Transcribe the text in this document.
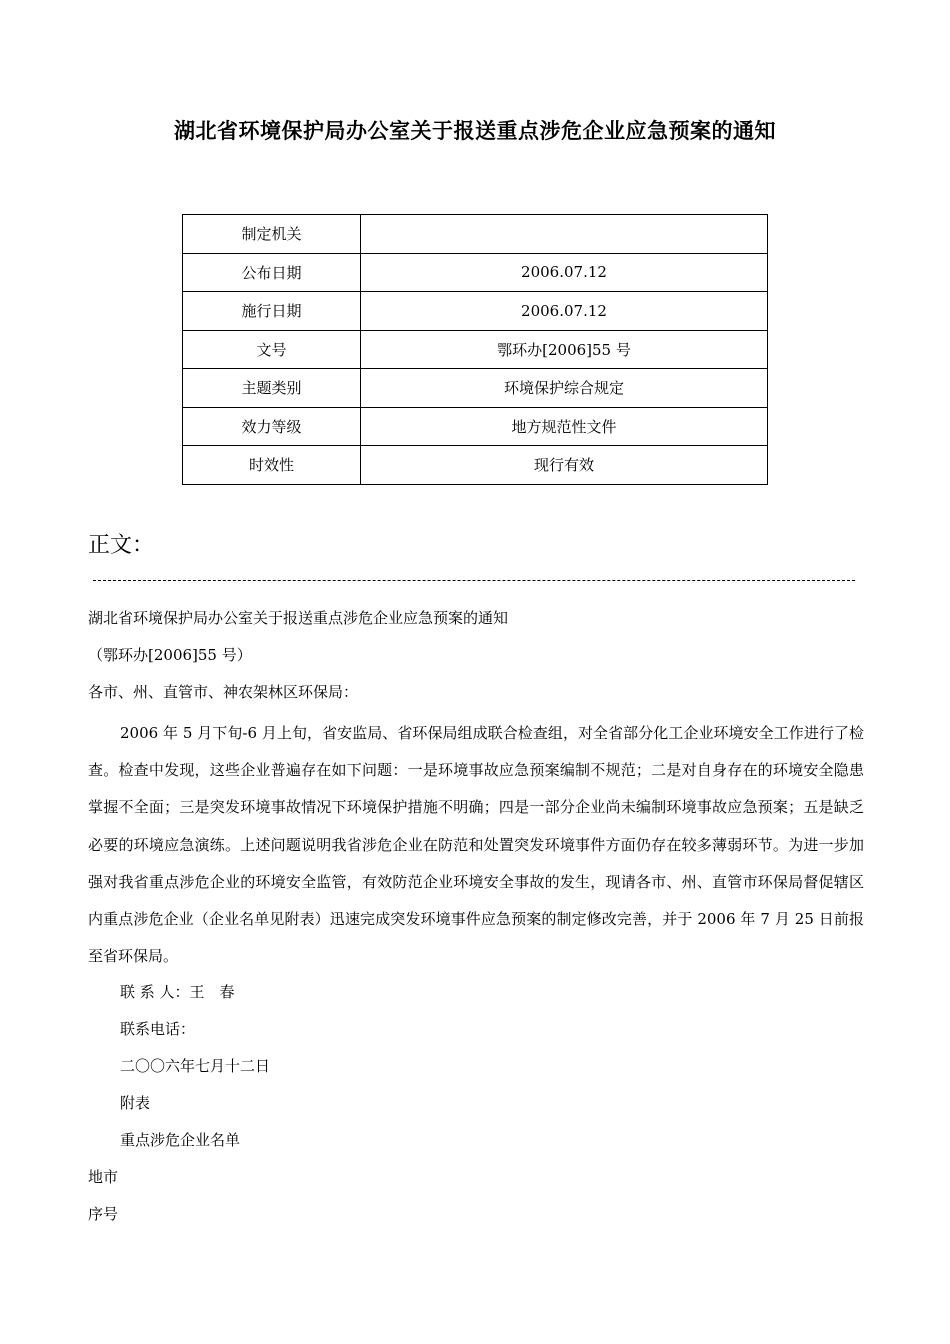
湖北省环境保护局办公室关于报送重点涉危企业应急预案的通知
制定机关	
公布日期	2006.07.12
施行日期	2006.07.12
文号	鄂环办[2006]55 号
主题类别	环境保护综合规定
效力等级	地方规范性文件
时效性	现行有效
正文：
湖北省环境保护局办公室关于报送重点涉危企业应急预案的通知
（鄂环办[2006]55 号）
各市、州、直管市、神农架林区环保局：
2006 年 5 月下旬-6 月上旬，省安监局、省环保局组成联合检查组，对全省部分化工企业环境安全工作进行了检查。检查中发现，这些企业普遍存在如下问题：一是环境事故应急预案编制不规范；二是对自身存在的环境安全隐患掌握不全面；三是突发环境事故情况下环境保护措施不明确；四是一部分企业尚未编制环境事故应急预案；五是缺乏必要的环境应急演练。上述问题说明我省涉危企业在防范和处置突发环境事件方面仍存在较多薄弱环节。为进一步加强对我省重点涉危企业的环境安全监管，有效防范企业环境安全事故的发生，现请各市、州、直管市环保局督促辖区内重点涉危企业（企业名单见附表）迅速完成突发环境事件应急预案的制定修改完善，并于 2006 年 7 月 25 日前报至省环保局。
联 系 人：王　春
联系电话：
二〇〇六年七月十二日
附表
重点涉危企业名单
地市
序号
